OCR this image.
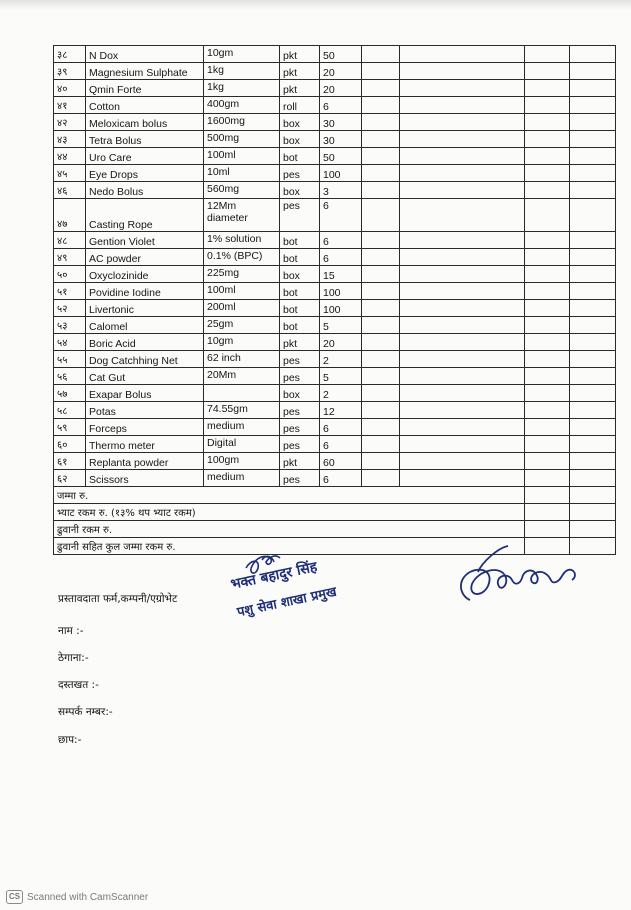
३८	N Dox	10gm	pkt	50				
३९	Magnesium Sulphate	1kg	pkt	20				
४०	Qmin Forte	1kg	pkt	20				
४१	Cotton	400gm	roll	6				
४२	Meloxicam bolus	1600mg	box	30				
४३	Tetra Bolus	500mg	box	30				
४४	Uro Care	100ml	bot	50				
४५	Eye Drops	10ml	pes	100				
४६	Nedo Bolus	560mg	box	3				
४७	Casting Rope	12Mm diameter	pes	6				
४८	Gention Violet	1% solution	bot	6				
४९	AC powder	0.1% (BPC)	bot	6				
५०	Oxyclozinide	225mg	box	15				
५१	Povidine Iodine	100ml	bot	100				
५२	Livertonic	200ml	bot	100				
५३	Calomel	25gm	bot	5				
५४	Boric Acid	10gm	pkt	20				
५५	Dog Catchhing Net	62 inch	pes	2				
५६	Cat Gut	20Mm	pes	5				
५७	Exapar Bolus		box	2				
५८	Potas	74.55gm	pes	12				
५९	Forceps	medium	pes	6				
६०	Thermo meter	Digital	pes	6				
६१	Replanta powder	100gm	pkt	60				
६२	Scissors	medium	pes	6				
जम्मा रु.								
भ्याट रकम रु. (१३% थप भ्याट रकम)								
ढुवानी रकम रु.								
ढुवानी सहित कुल जम्मा रकम रु.								
भक्त बहादुर सिंह
पशु सेवा शाखा प्रमुख
प्रस्तावदाता फर्म,कम्पनी/एग्रोभेट
नाम :-
ठेगाना:-
दस्तखत :-
सम्पर्क नम्बर:-
छाप:-
CS Scanned with CamScanner
